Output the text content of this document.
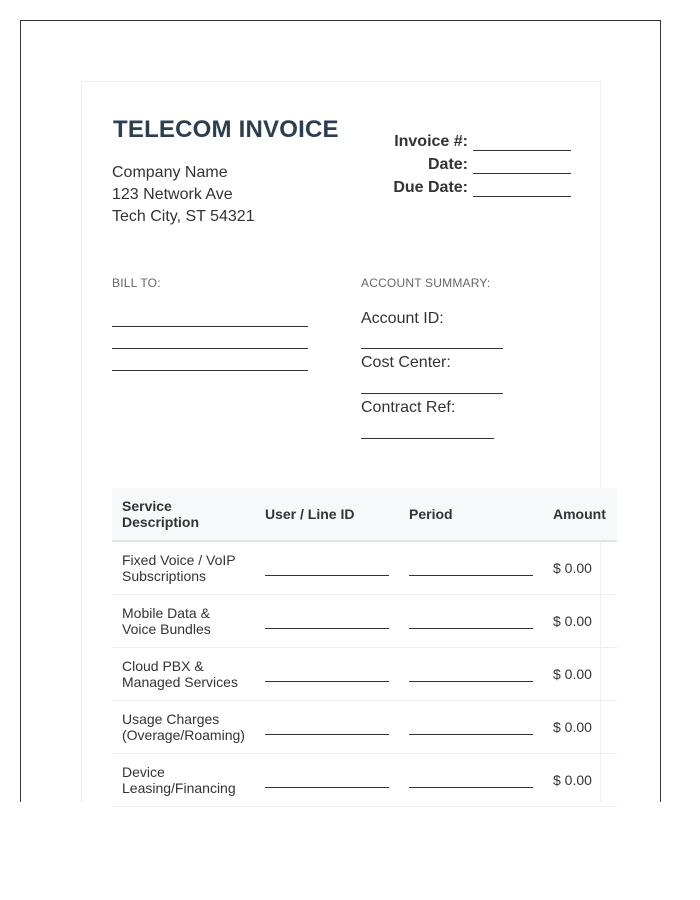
TELECOM INVOICE
Company Name
123 Network Ave
Tech City, ST 54321
Invoice #:
Date:
Due Date:
BILL TO:	ACCOUNT SUMMARY:
Account ID:
Cost Center:
Contract Ref:
Service Description	User / Line ID	Period	Amount
Fixed Voice / VoIP Subscriptions			$ 0.00
Mobile Data & Voice Bundles			$ 0.00
Cloud PBX & Managed Services			$ 0.00
Usage Charges (Overage/Roaming)			$ 0.00
Device Leasing/Financing			$ 0.00
